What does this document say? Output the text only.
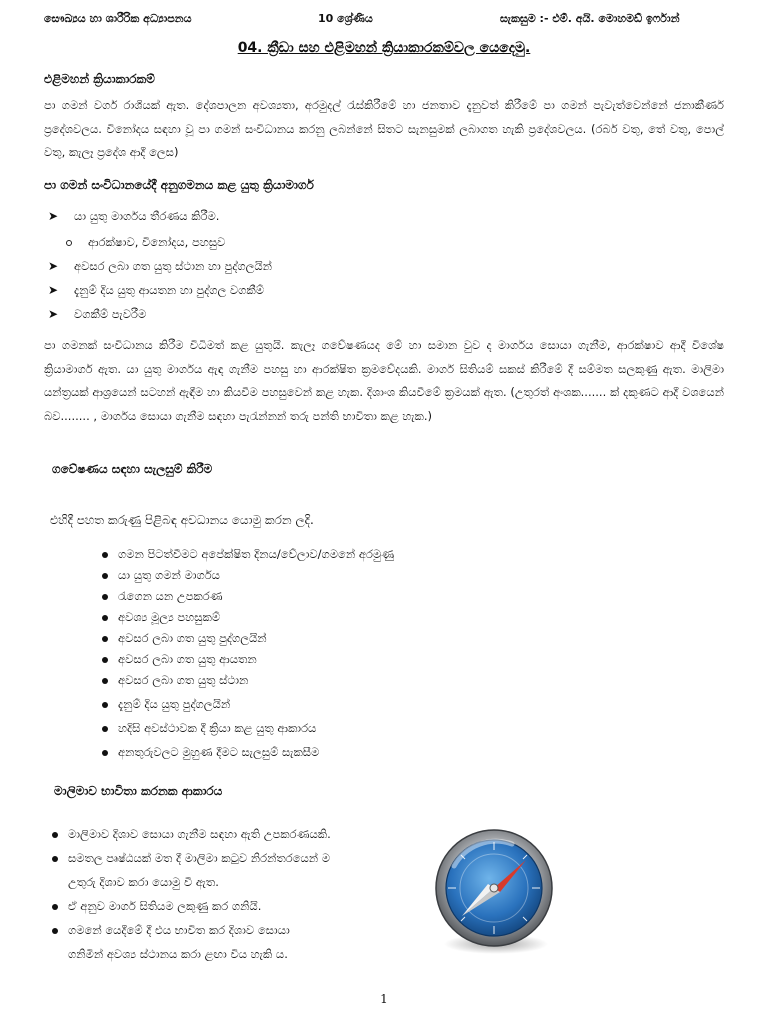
සෞඛ්‍යය හා ශාරීරික අධ්‍යාපනය	10 ශ්‍රේණිය	සැකසුම :- එම්. අයි. මොහමඩ් ඉර්ෆාන්
04. ක්‍රීඩා සහ එළිමහන් ක්‍රියාකාරකම්වල යෙදෙමු.
එළිමහන් ක්‍රියාකාරකම්

පා ගමන් වර්ග රාශියක් ඇත. දේශපාලන අවශ්‍යතා, අරමුදල් රැස්කිරීමේ හා ජනතාව දැනුවත් කිරීමේ පා ගමන් පැවැත්වෙන්නේ ජනාකීර්ණ ප්‍රදේශවලය. විනෝදය සඳහා වූ පා ගමන් සංවිධානය කරනු ලබන්නේ සිතට සැනසුමක් ලබාගත හැකි ප්‍රදේශවලය. (රබර් වතු, තේ වතු, පොල් වතු, කැලෑ ප්‍රදේශ ආදී ලෙස)

පා ගමන් සංවිධානයේදී අනුගමනය කළ යුතු ක්‍රියාමාර්ග
➤ යා යුතු මාර්ගය තීරණය කිරීම.
ආරක්ෂාව, විනෝදය, පහසුව
➤ අවසර ලබා ගත යුතු ස්ථාන හා පුද්ගලයින්
➤ දැනුම් දිය යුතු ආයතන හා පුද්ගල වගකීම්
➤ වගකීම් පැවරීම

පා ගමනක් සංවිධානය කිරීම විධිමත් කළ යුතුයි. කැලෑ ගවේෂණයද මේ හා සමාන වුව ද මාර්ගය සොයා ගැනීම, ආරක්ෂාව ආදී විශේෂ ක්‍රියාමාර්ග ඇත. යා යුතු මාර්ගය ඇඳ ගැනීම පහසු හා ආරක්ෂිත ක්‍රමවේදයකි. මාර්ග සිතියම් සකස් කිරීමේ දී සම්මත සලකුණු ඇත. මාලිමා යන්ත්‍රයක් ආශ්‍රයෙන් සටහන් ඇඳීම හා කියවීම පහසුවෙන් කළ හැක. දිශාංශ කියවීමේ ක්‍රමයක් ඇත. (උතුරත් අංශක....... ක් දකුණට ආදී වශයෙන් බව........ , මාර්ගය සොයා ගැනීම සඳහා පැරැන්නන් තරු පන්ති භාවිතා කළ හැක.)

ගවේෂණය සඳහා සැලසුම් කිරීම
එහිදී පහත කරුණු පිළිබඳ අවධානය යොමු කරන ලදි.
ගමන පිටත්වීමට අපේක්ෂිත දිනය/වේලාව/ගමනේ අරමුණු
යා යුතු ගමන් මාර්ගය
රැගෙන යන උපකරණ
අවශ්‍ය මූල්‍ය පහසුකම්
අවසර ලබා ගත යුතු පුද්ගලයින්
අවසර ලබා ගත යුතු ආයතන
අවසර ලබා ගත යුතු ස්ථාන
දැනුම් දිය යුතු පුද්ගලයින්
හදිසි අවස්ථාවක දී ක්‍රියා කළ යුතු ආකාරය
අනතුරුවලට මුහුණ දීමට සැලසුම් සැකසීම
මාලිමාව භාවිතා කරනක ආකාරය
මාලිමාව දිශාව සොයා ගැනීම සඳහා ඇති උපකරණයකි.
සමතල පෘෂ්ඨයක් මත දී මාලිමා කටුව නිරන්තරයෙන් ම
උතුරු දිශාව කරා යොමු වී ඇත.
ඒ අනුව මාර්ග සිතියම ලකුණු කර ගනියි.
ගමනේ යෙදීමේ දී එය භාවිත කර දිශාව සොයා
ගනිමින් අවශ්‍ය ස්ථානය කරා ළඟා විය හැකි ය.
1
